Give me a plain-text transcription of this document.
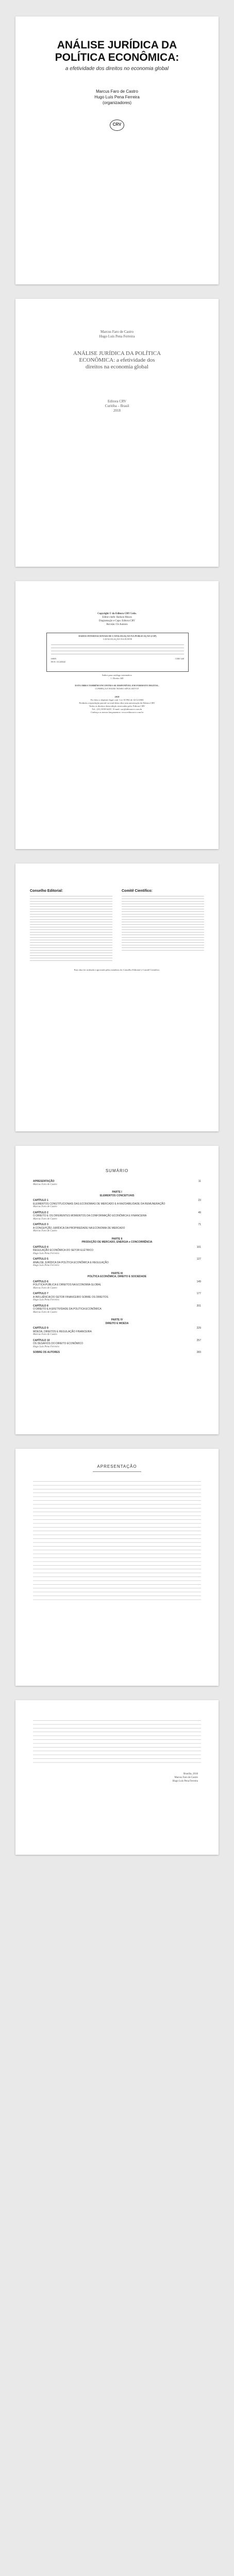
ANÁLISE JURÍDICA DA

POLÍTICA ECONÔMICA:

a efetividade dos direitos no economia global
Marcus Faro de Castro
Hugo Luís Pena Ferreira
(organizadores)
CRV
Marcus Faro de Castro
Hugo Luís Pena Ferreira
ANÁLISE JURÍDICA DA POLÍTICA
ECONÔMICA: a efetividade dos
direitos na economia global
Editora CRV
Curitiba – Brasil
2018
Copyright © da Editora CRV Ltda.
Editor-chefe: Railson Moura
Diagramação e Capa: Editora CRV
Revisão: Os Autores
DADOS INTERNACIONAIS DE CATALOGAÇÃO NA PUBLICAÇÃO (CIP)
CATALOGAÇÃO NA FONTE
ISBN	CDD 340
DOI: 10.24824/
Índice para catálogo sistemático
1. Direito 340
ESTA OBRA TAMBÉM ENCONTRA-SE DISPONÍVEL EM FORMATO DIGITAL.
CONHEÇA E BAIXE NOSSO APLICATIVO!
2018
Foi feito o depósito legal conf. Lei 10.994 de 14/12/2004
Proibida a reprodução parcial ou total desta obra sem autorização da Editora CRV
Todos os direitos desta edição reservados pela: Editora CRV
Tel.: (41) 3039-6418 - E-mail: sac@editoracrv.com.br
Conheça os nossos lançamentos: www.editoracrv.com.br
Conselho Editorial:	Comitê Científico:
Esta obra foi avaliada e aprovada pelos membros do Conselho Editorial e Comitê Científico.
SUMÁRIO
APRESENTAÇÃO	11
Marcus Faro de Castro
PARTE I
ELEMENTOS CONCEITUAIS
CAPÍTULO 1	23
ELEMENTOS CONSTITUCIONAIS DAS ECONOMIAS DE MERCADO E A RAZOABILIDADE DA REMUNERAÇÃO
Marcus Faro de Castro
CAPÍTULO 2	49
O DIREITO E OS DIFERENTES MOMENTOS DA CONFORMAÇÃO ECONÔMICA E FINANCEIRA
Marcus Faro de Castro
CAPÍTULO 3	71
A CONCEPÇÃO JURÍDICA DA PROPRIEDADE NA ECONOMIA DE MERCADO
Marcus Faro de Castro
PARTE II
PRODUÇÃO DE MERCADO, ENERGIA e CONCORRÊNCIA
CAPÍTULO 4	101
REGULAÇÃO ECONÔMICA DO SETOR ELÉTRICO
Hugo Luís Pena Ferreira
CAPÍTULO 5	127
ANÁLISE JURÍDICA DA POLÍTICA ECONÔMICA E REGULAÇÃO
Hugo Luís Pena Ferreira
PARTE III
POLÍTICA ECONÔMICA, DIREITO E SOCIEDADE
CAPÍTULO 6	149
POLÍTICA PÚBLICA E DIREITOS NA ECONOMIA GLOBAL
Marcus Faro de Castro
CAPÍTULO 7	177
A INFLUÊNCIA DO SETOR FINANCEIRO SOBRE OS DIREITOS
Hugo Luís Pena Ferreira
CAPÍTULO 8	201
O DIREITO E A EFETIVIDADE DA POLÍTICA ECONÔMICA
Marcus Faro de Castro
PARTE IV
DIREITO E MOEDA
CAPÍTULO 9	229
MOEDA, DIREITOS E REGULAÇÃO FINANCEIRA
Marcus Faro de Castro
CAPÍTULO 10	257
OS DESAFIOS DO DIREITO ECONÔMICO
Hugo Luís Pena Ferreira
SOBRE OS AUTORES	283
APRESENTAÇÃO
Brasília, 2018
Marcus Faro de Castro
Hugo Luís Pena Ferreira
